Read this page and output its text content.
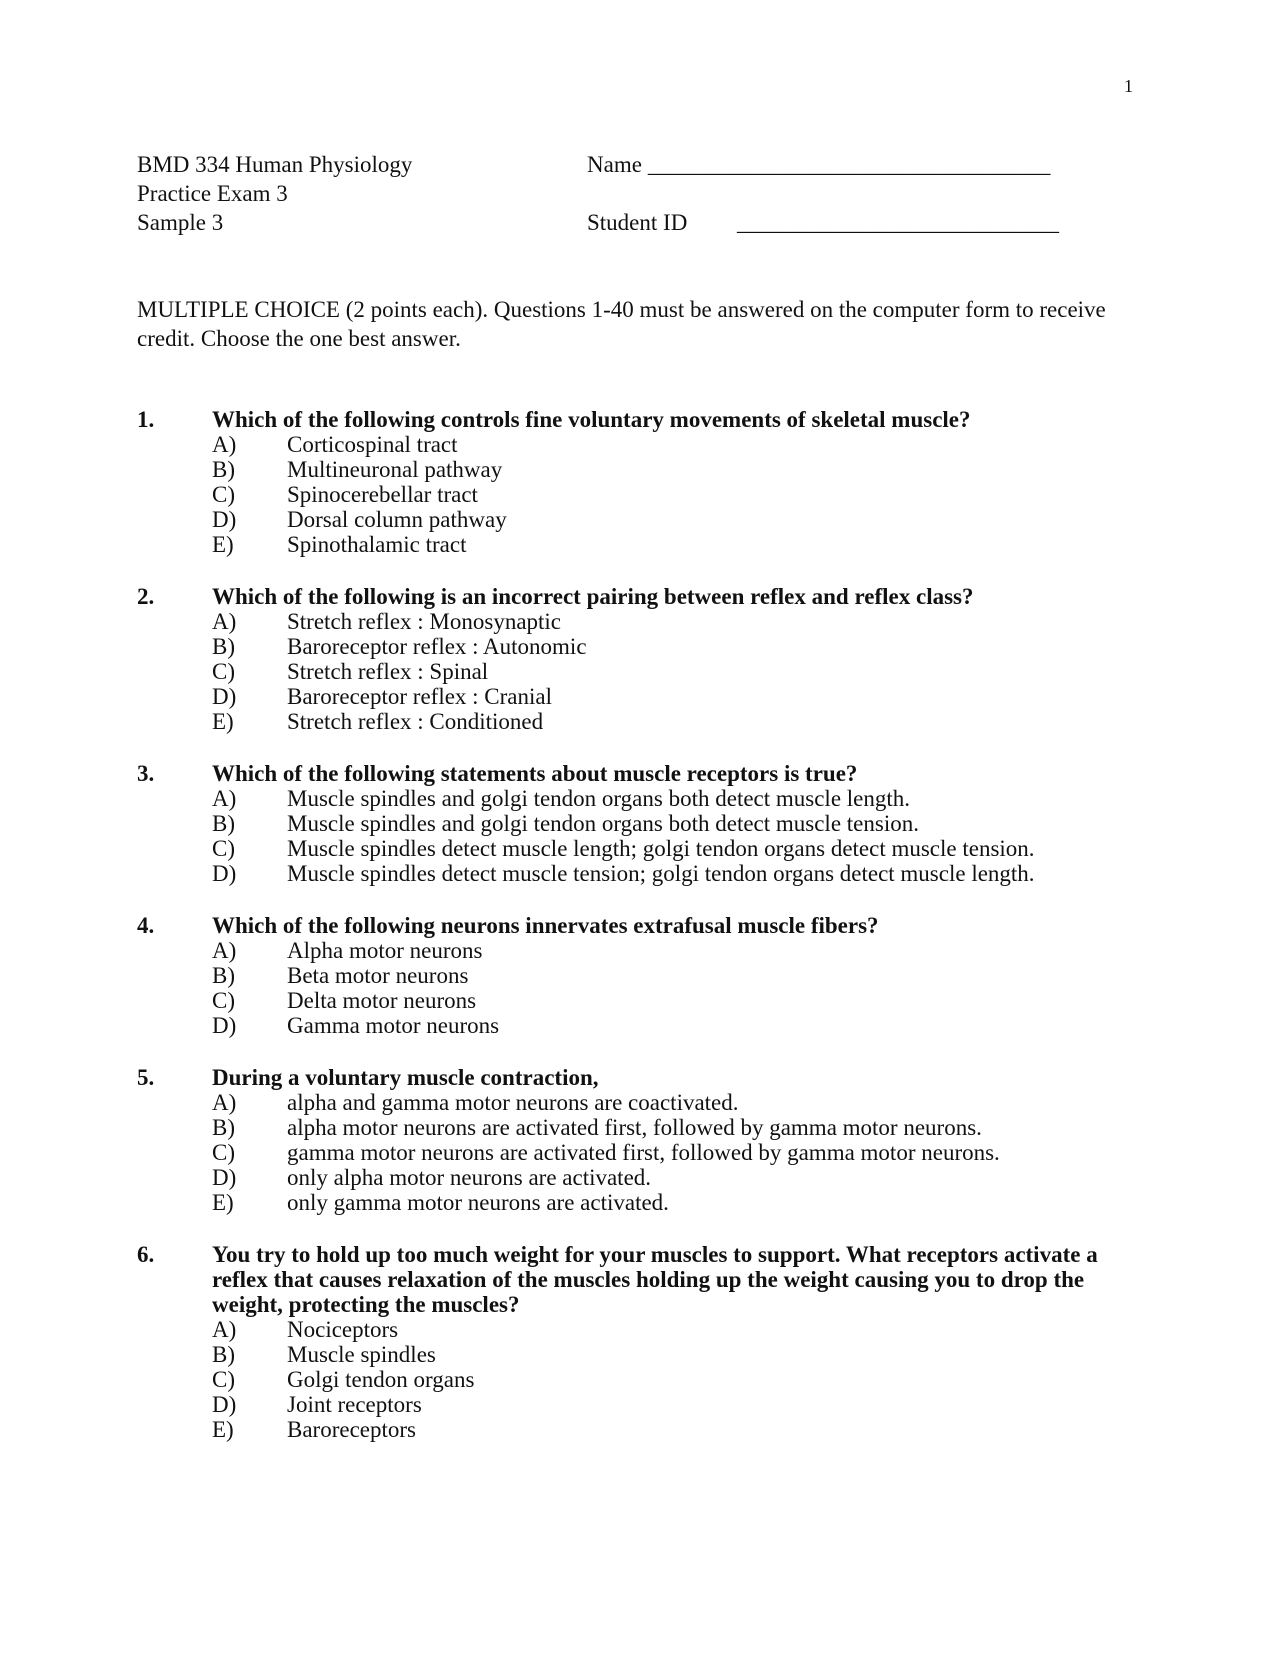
1
BMD 334 Human Physiology	Name ___________________________________
Practice Exam 3
Sample 3	Student ID	____________________________
MULTIPLE CHOICE (2 points each). Questions 1-40 must be answered on the computer form to receive credit. Choose the one best answer.
1.	Which of the following controls fine voluntary movements of skeletal muscle?
A)	Corticospinal tract
B)	Multineuronal pathway
C)	Spinocerebellar tract
D)	Dorsal column pathway
E)	Spinothalamic tract
2.	Which of the following is an incorrect pairing between reflex and reflex class?
A)	Stretch reflex : Monosynaptic
B)	Baroreceptor reflex : Autonomic
C)	Stretch reflex : Spinal
D)	Baroreceptor reflex : Cranial
E)	Stretch reflex : Conditioned
3.	Which of the following statements about muscle receptors is true?
A)	Muscle spindles and golgi tendon organs both detect muscle length.
B)	Muscle spindles and golgi tendon organs both detect muscle tension.
C)	Muscle spindles detect muscle length; golgi tendon organs detect muscle tension.
D)	Muscle spindles detect muscle tension; golgi tendon organs detect muscle length.
4.	Which of the following neurons innervates extrafusal muscle fibers?
A)	Alpha motor neurons
B)	Beta motor neurons
C)	Delta motor neurons
D)	Gamma motor neurons
5.	During a voluntary muscle contraction,
A)	alpha and gamma motor neurons are coactivated.
B)	alpha motor neurons are activated first, followed by gamma motor neurons.
C)	gamma motor neurons are activated first, followed by gamma motor neurons.
D)	only alpha motor neurons are activated.
E)	only gamma motor neurons are activated.
6.	You try to hold up too much weight for your muscles to support. What receptors activate a reflex that causes relaxation of the muscles holding up the weight causing you to drop the weight, protecting the muscles?
A)	Nociceptors
B)	Muscle spindles
C)	Golgi tendon organs
D)	Joint receptors
E)	Baroreceptors
